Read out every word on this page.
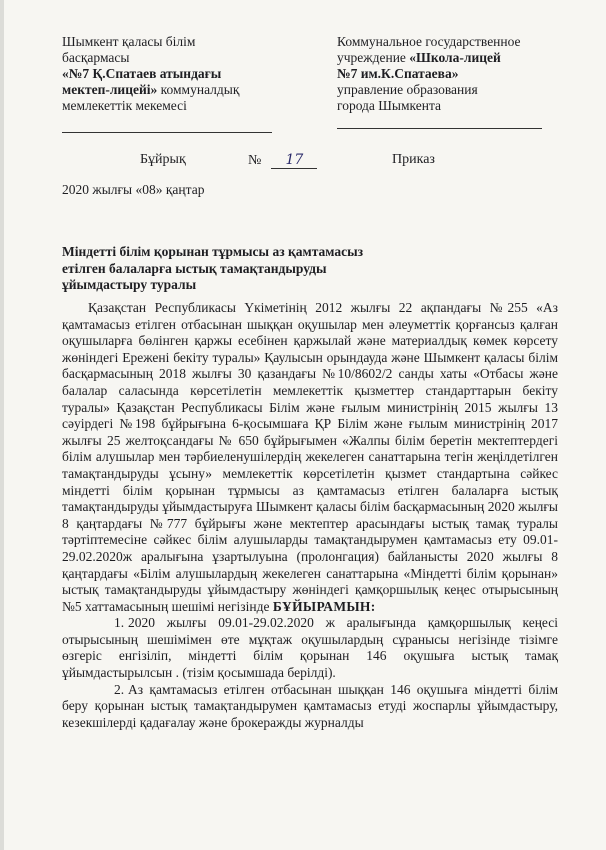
Шымкент қаласы білім
басқармасы
«№7 Қ.Спатаев атындағы
мектеп-лицейі» коммуналдық
мемлекеттік мекемесі
Коммунальное государственное
учреждение «Школа-лицей
№7 им.К.Спатаева»
управление образования
города Шымкента
Бұйрық	№ 17	Приказ
2020 жылғы «08» қаңтар
Міндетті білім қорынан тұрмысы аз қамтамасыз етілген балаларға ыстық тамақтандыруды ұйымдастыру туралы

Қазақстан Республикасы Үкіметінің 2012 жылғы 22 ақпандағы №255 «Аз қамтамасыз етілген отбасынан шыққан оқушылар мен әлеуметтік қорғансыз қалған оқушыларға бөлінген қаржы есебінен қаржылай және материалдық көмек көрсету жөніндегі Ережені бекіту туралы» Қаулысын орындауда және Шымкент қаласы білім басқармасының 2018 жылғы 30 қазандағы №10/8602/2 санды хаты «Отбасы және балалар саласында көрсетілетін мемлекеттік қызметтер стандарттарын бекіту туралы» Қазақстан Республикасы Білім және ғылым министрінің 2015 жылғы 13 сәуірдегі №198 бұйрығына 6-қосымшаға ҚР Білім және ғылым министрінің 2017 жылғы 25 желтоқсандағы № 650 бұйрығымен «Жалпы білім беретін мектептердегі білім алушылар мен тәрбиеленушілердің жекелеген санаттарына тегін жеңілдетілген тамақтандыруды ұсыну» мемлекеттік көрсетілетін қызмет стандартына сәйкес міндетті білім қорынан тұрмысы аз қамтамасыз етілген балаларға ыстық тамақтандыруды ұйымдастыруға Шымкент қаласы білім басқармасының 2020 жылғы 8 қаңтардағы №777 бұйрығы және мектептер арасындағы ыстық тамақ туралы тәртіптемесіне сәйкес білім алушыларды тамақтандырумен қамтамасыз ету 09.01-29.02.2020ж аралығына ұзартылуына (пролонгация) байланысты 2020 жылғы 8 қаңтардағы «Білім алушылардың жекелеген санаттарына «Міндетті білім қорынан» ыстық тамақтандыруды ұйымдастыру жөніндегі қамқоршылық кеңес отырысының №5 хаттамасының шешімі негізінде БҰЙЫРАМЫН:

1. 2020 жылғы 09.01-29.02.2020 ж аралығында қамқоршылық кеңесі отырысының шешімімен өте мұқтаж оқушылардың сұранысы негізінде тізімге өзгеріс енгізіліп, міндетті білім қорынан 146 оқушыға ыстық тамақ ұйымдастырылсын . (тізім қосымшада берілді).

2. Аз қамтамасыз етілген отбасынан шыққан 146 оқушыға міндетті білім беру қорынан ыстық тамақтандырумен қамтамасыз етуді жоспарлы ұйымдастыру, кезекшілерді қадағалау және брокеражды журналды
